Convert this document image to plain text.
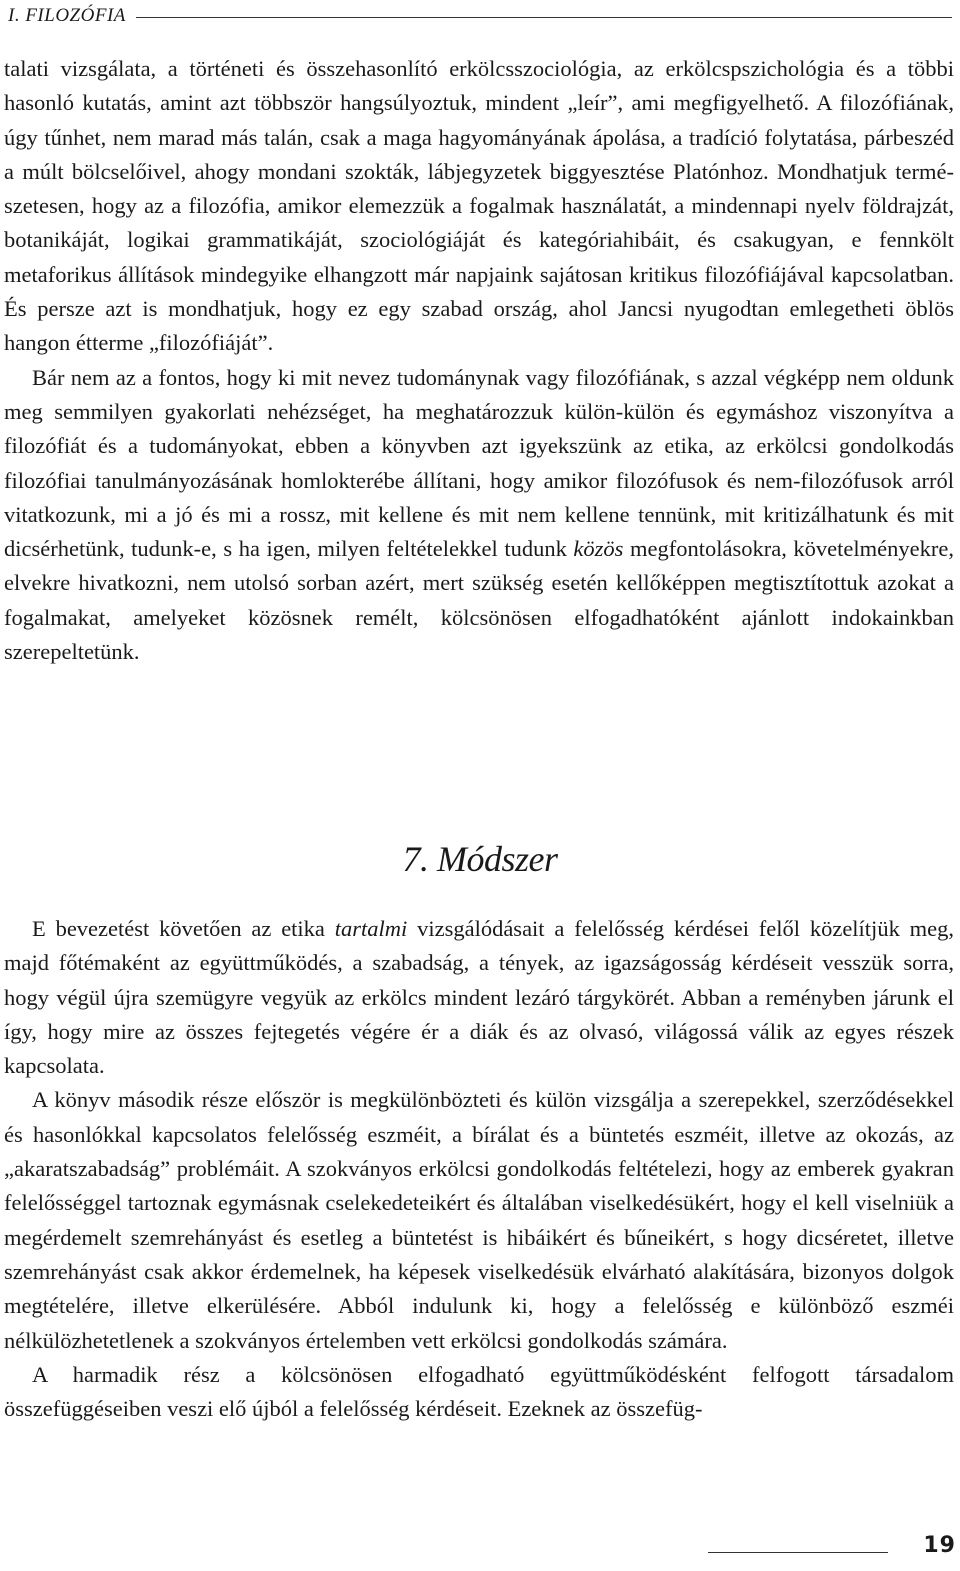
I. FILOZÓFIA

talati vizsgálata, a történeti és összehasonlító erkölcsszociológia, az erkölcspszichológia és a többi hasonló kutatás, amint azt többször hangsúlyoztuk, mindent „leír”, ami megfigyelhető. A filozófiának, úgy tűnhet, nem marad más talán, csak a maga hagyományának ápolása, a tradíció folytatása, párbeszéd a múlt bölcselőivel, ahogy mondani szokták, lábjegyzetek biggyesztése Platónhoz. Mondhatjuk természetesen, hogy az a filozófia, amikor elemezzük a fogalmak használatát, a mindennapi nyelv földrajzát, botanikáját, logikai grammatikáját, szociológiáját és kategóriahibáit, és csakugyan, e fennkölt metaforikus állítások mindegyike elhangzott már napjaink sajátosan kritikus filozófiájával kapcsolatban. És persze azt is mondhatjuk, hogy ez egy szabad ország, ahol Jancsi nyugodtan emlegetheti öblös hangon étterme „filozófiáját”.

Bár nem az a fontos, hogy ki mit nevez tudománynak vagy filozófiának, s azzal végképp nem oldunk meg semmilyen gyakorlati nehézséget, ha meghatározzuk külön-külön és egymáshoz viszonyítva a filozófiát és a tudományokat, ebben a könyvben azt igyekszünk az etika, az erkölcsi gondolkodás filozófiai tanulmányozásának homlokterébe állítani, hogy amikor filozófusok és nem-filozófusok arról vitatkozunk, mi a jó és mi a rossz, mit kellene és mit nem kellene tennünk, mit kritizálhatunk és mit dicsérhetünk, tudunk-e, s ha igen, milyen feltételekkel tudunk közös megfontolásokra, követelményekre, elvekre hivatkozni, nem utolsó sorban azért, mert szükség esetén kellőképpen megtisztítottuk azokat a fogalmakat, amelyeket közösnek remélt, kölcsönösen elfogadhatóként ajánlott indokainkban szerepeltetünk.

7. Módszer

E bevezetést követően az etika tartalmi vizsgálódásait a felelősség kérdései felől közelítjük meg, majd főtémaként az együttműködés, a szabadság, a tények, az igazságosság kérdéseit vesszük sorra, hogy végül újra szemügyre vegyük az erkölcs mindent lezáró tárgykörét. Abban a reményben járunk el így, hogy mire az összes fejtegetés végére ér a diák és az olvasó, világossá válik az egyes részek kapcsolata.

A könyv második része először is megkülönbözteti és külön vizsgálja a szerepekkel, szerződésekkel és hasonlókkal kapcsolatos felelősség eszméit, a bírálat és a büntetés eszméit, illetve az okozás, az „akaratszabadság” problémáit. A szokványos erkölcsi gondolkodás feltételezi, hogy az emberek gyakran felelősséggel tartoznak egymásnak cselekedeteikért és általában viselkedésükért, hogy el kell viselniük a megérdemelt szemrehányást és esetleg a büntetést is hibáikért és bűneikért, s hogy dicséretet, illetve szemrehányást csak akkor érdemelnek, ha képesek viselkedésük elvárható alakítására, bizonyos dolgok megtételére, illetve elkerülésére. Abból indulunk ki, hogy a felelősség e különböző eszméi nélkülözhetetlenek a szokványos értelemben vett erkölcsi gondolkodás számára.

A harmadik rész a kölcsönösen elfogadható együttműködésként felfogott társadalom összefüggéseiben veszi elő újból a felelősség kérdéseit. Ezeknek az összefüg-

19
